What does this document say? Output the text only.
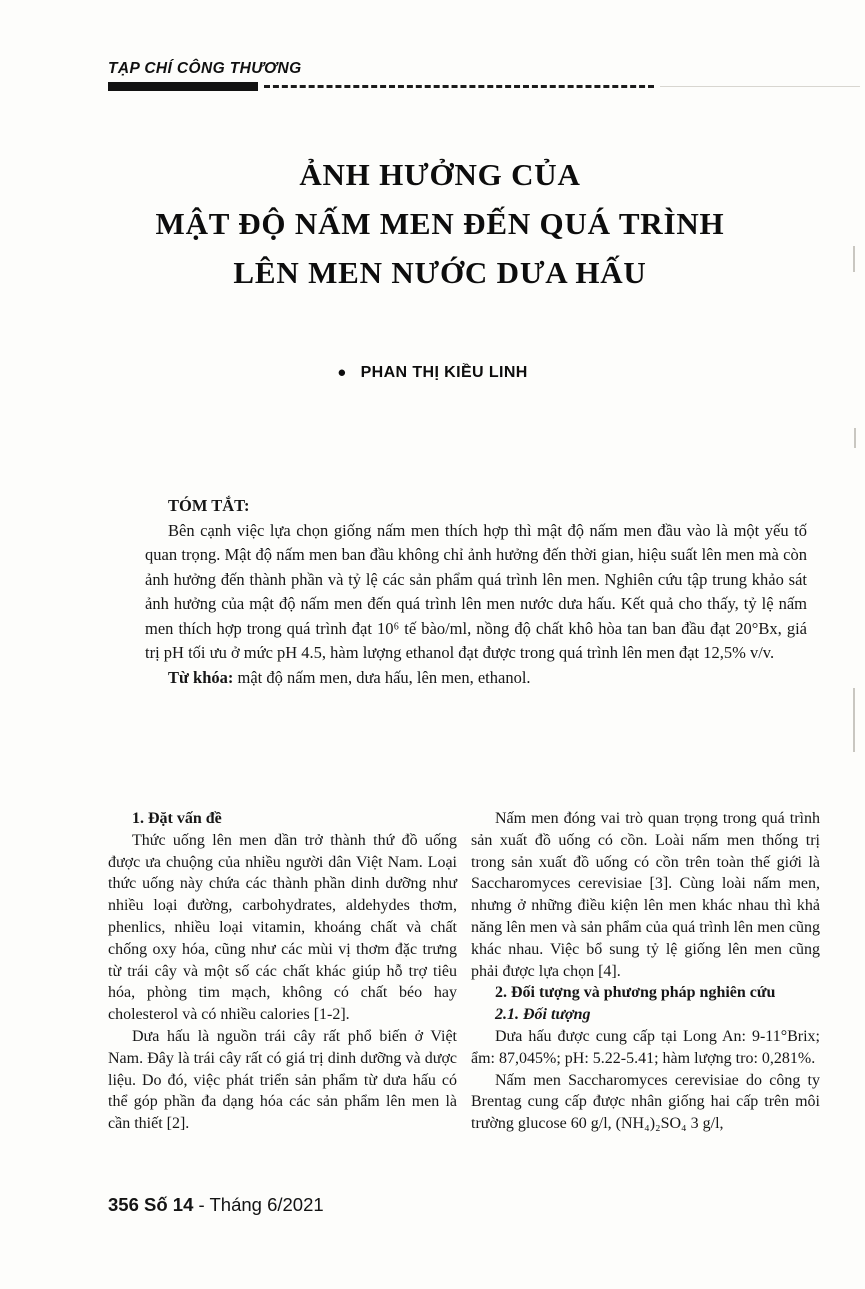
TẠP CHÍ CÔNG THƯƠNG
ẢNH HƯỞNG CỦA
MẬT ĐỘ NẤM MEN ĐẾN QUÁ TRÌNH
LÊN MEN NƯỚC DƯA HẤU
● PHAN THỊ KIỀU LINH
TÓM TẮT:

Bên cạnh việc lựa chọn giống nấm men thích hợp thì mật độ nấm men đầu vào là một yếu tố quan trọng. Mật độ nấm men ban đầu không chỉ ảnh hưởng đến thời gian, hiệu suất lên men mà còn ảnh hưởng đến thành phần và tỷ lệ các sản phẩm quá trình lên men. Nghiên cứu tập trung khảo sát ảnh hưởng của mật độ nấm men đến quá trình lên men nước dưa hấu. Kết quả cho thấy, tỷ lệ nấm men thích hợp trong quá trình đạt 10⁶ tế bào/ml, nồng độ chất khô hòa tan ban đầu đạt 20°Bx, giá trị pH tối ưu ở mức pH 4.5, hàm lượng ethanol đạt được trong quá trình lên men đạt 12,5% v/v.

Từ khóa: mật độ nấm men, dưa hấu, lên men, ethanol.

1. Đặt vấn đề

Thức uống lên men dần trở thành thứ đồ uống được ưa chuộng của nhiều người dân Việt Nam. Loại thức uống này chứa các thành phần dinh dưỡng như nhiều loại đường, carbohydrates, aldehydes thơm, phenlics, nhiều loại vitamin, khoáng chất và chất chống oxy hóa, cũng như các mùi vị thơm đặc trưng từ trái cây và một số các chất khác giúp hỗ trợ tiêu hóa, phòng tim mạch, không có chất béo hay cholesterol và có nhiều calories [1-2].

Dưa hấu là nguồn trái cây rất phổ biến ở Việt Nam. Đây là trái cây rất có giá trị dinh dưỡng và dược liệu. Do đó, việc phát triển sản phẩm từ dưa hấu có thể góp phần đa dạng hóa các sản phẩm lên men là cần thiết [2].

Nấm men đóng vai trò quan trọng trong quá trình sản xuất đồ uống có cồn. Loài nấm men thống trị trong sản xuất đồ uống có cồn trên toàn thế giới là Saccharomyces cerevisiae [3]. Cùng loài nấm men, nhưng ở những điều kiện lên men khác nhau thì khả năng lên men và sản phẩm của quá trình lên men cũng khác nhau. Việc bổ sung tỷ lệ giống lên men cũng phải được lựa chọn [4].

2. Đối tượng và phương pháp nghiên cứu
2.1. Đối tượng

Dưa hấu được cung cấp tại Long An: 9-11°Brix; ẩm: 87,045%; pH: 5.22-5.41; hàm lượng tro: 0,281%.

Nấm men Saccharomyces cerevisiae do công ty Brentag cung cấp được nhân giống hai cấp trên môi trường glucose 60 g/l, (NH₄)₂SO₄ 3 g/l,

356 Số 14 - Tháng 6/2021
